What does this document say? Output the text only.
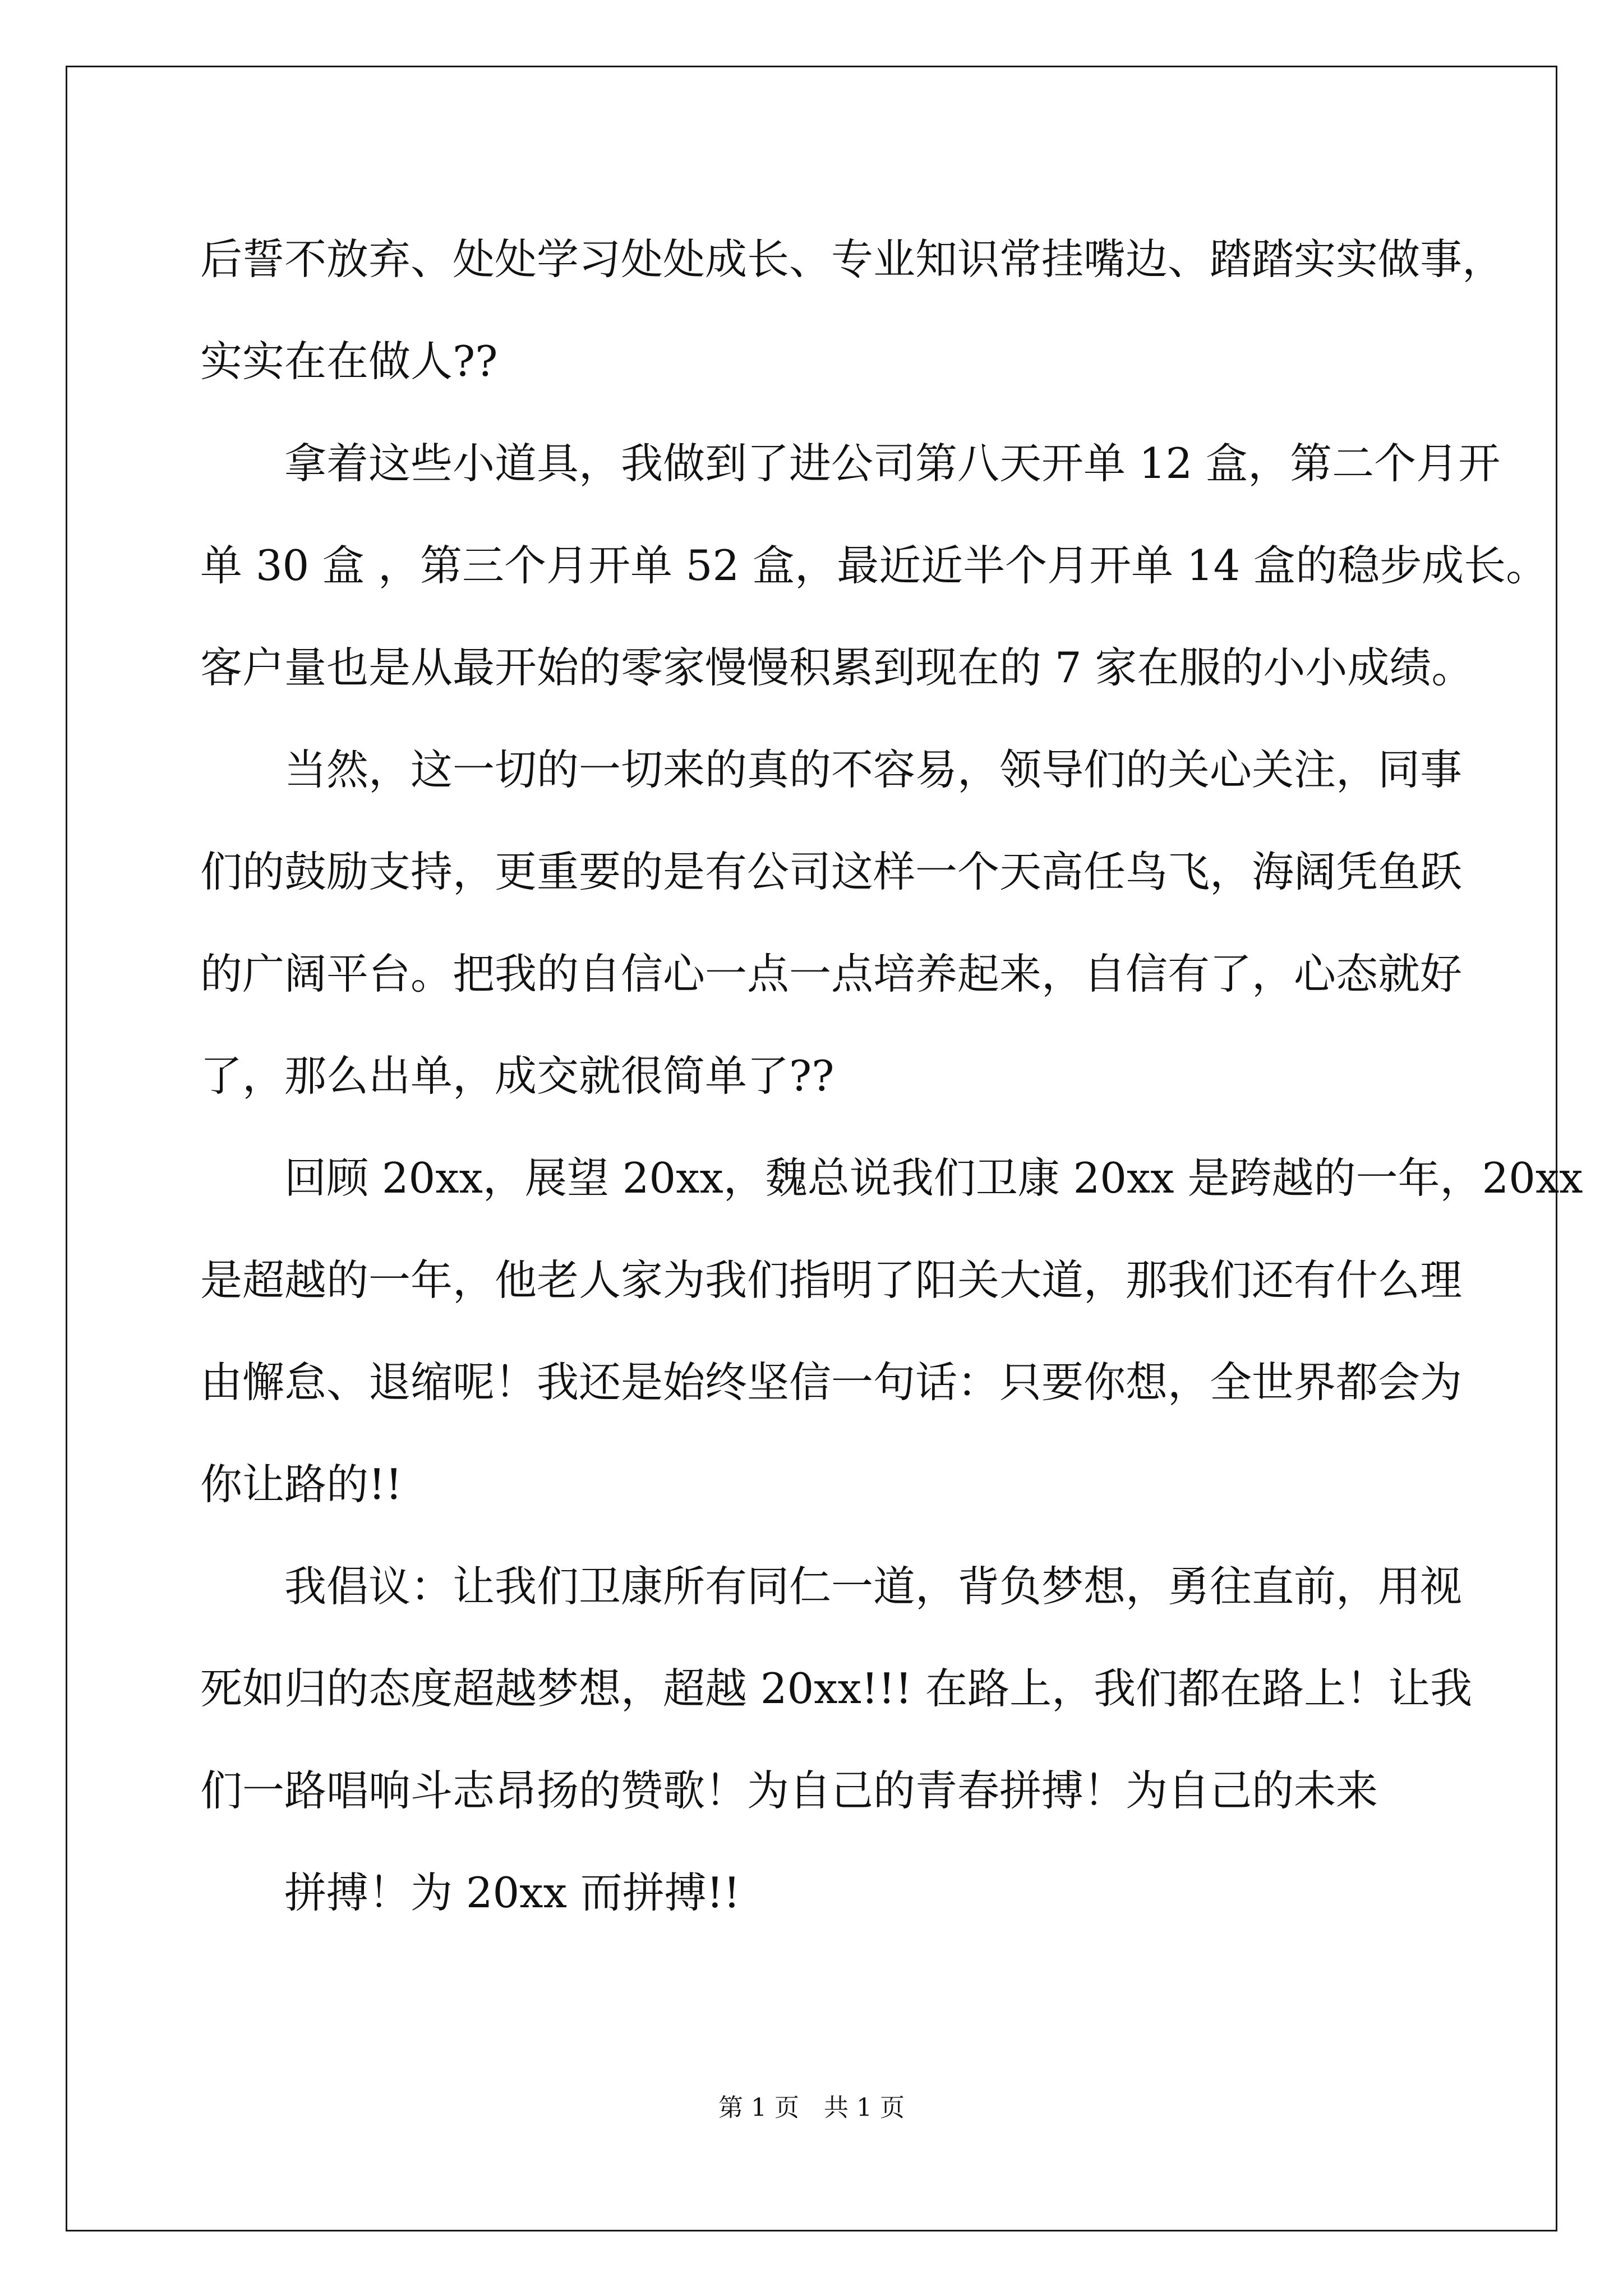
后誓不放弃、处处学习处处成长、专业知识常挂嘴边、踏踏实实做事，
实实在在做人??
拿着这些小道具，我做到了进公司第八天开单 12 盒，第二个月开
单 30 盒 ，第三个月开单 52 盒，最近近半个月开单 14 盒的稳步成长。
客户量也是从最开始的零家慢慢积累到现在的 7 家在服的小小成绩。
当然，这一切的一切来的真的不容易，领导们的关心关注，同事
们的鼓励支持，更重要的是有公司这样一个天高任鸟飞，海阔凭鱼跃
的广阔平台。把我的自信心一点一点培养起来，自信有了，心态就好
了，那么出单，成交就很简单了??
回顾 20xx，展望 20xx，魏总说我们卫康 20xx 是跨越的一年，20xx
是超越的一年，他老人家为我们指明了阳关大道，那我们还有什么理
由懈怠、退缩呢！我还是始终坚信一句话：只要你想，全世界都会为
你让路的!!
我倡议：让我们卫康所有同仁一道，背负梦想，勇往直前，用视
死如归的态度超越梦想，超越 20xx!!! 在路上，我们都在路上！让我
们一路唱响斗志昂扬的赞歌！为自己的青春拼搏！为自己的未来
拼搏！为 20xx 而拼搏!!
第 1 页　共 1 页
